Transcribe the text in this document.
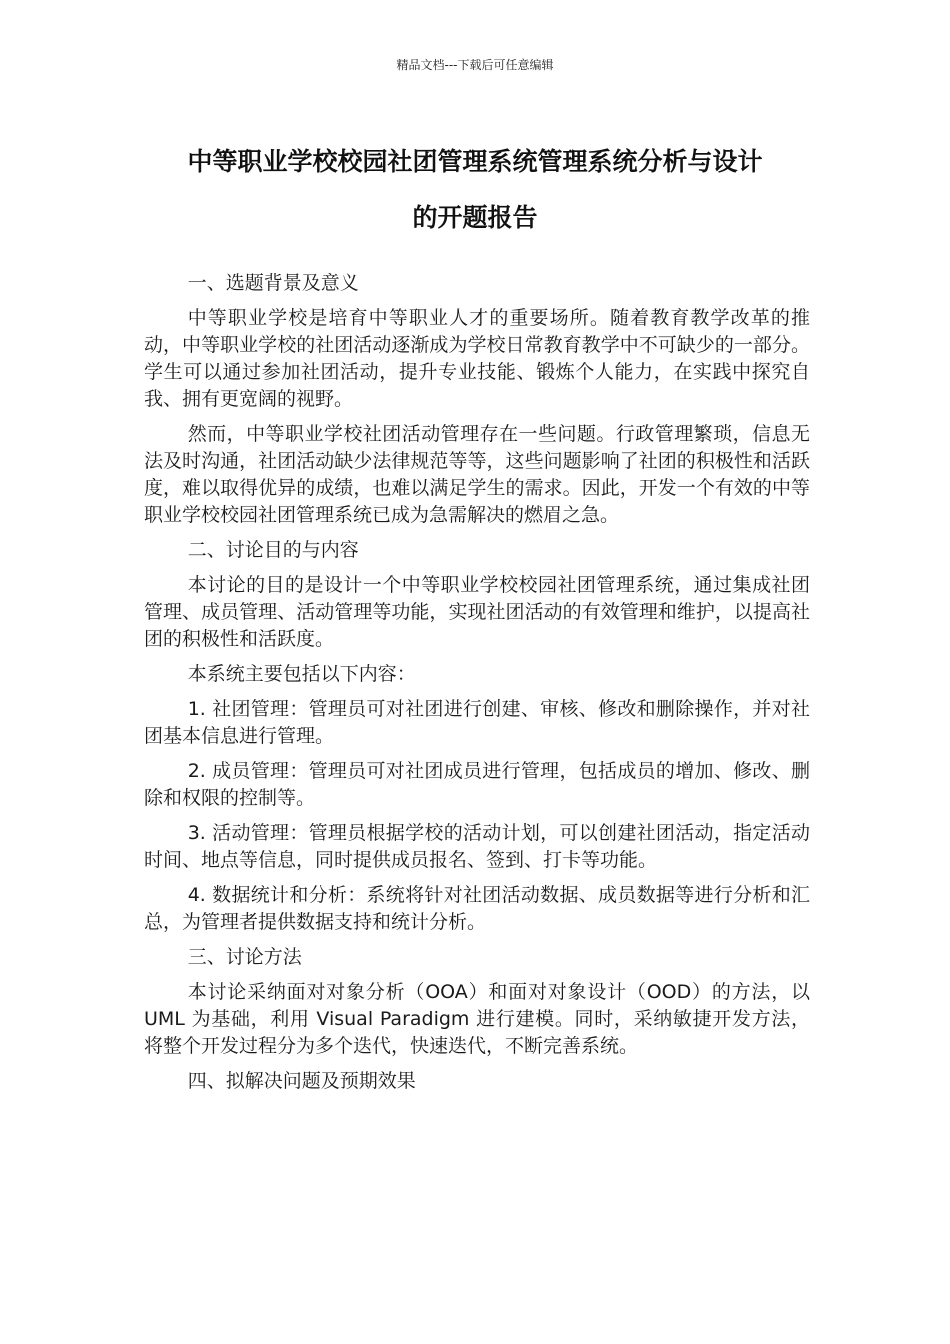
精品文档---下载后可任意编辑
中等职业学校校园社团管理系统管理系统分析与设计
的开题报告

一、选题背景及意义

中等职业学校是培育中等职业人才的重要场所。随着教育教学改革的推动，中等职业学校的社团活动逐渐成为学校日常教育教学中不可缺少的一部分。学生可以通过参加社团活动，提升专业技能、锻炼个人能力，在实践中探究自我、拥有更宽阔的视野。

然而，中等职业学校社团活动管理存在一些问题。行政管理繁琐，信息无法及时沟通，社团活动缺少法律规范等等，这些问题影响了社团的积极性和活跃度，难以取得优异的成绩，也难以满足学生的需求。因此，开发一个有效的中等职业学校校园社团管理系统已成为急需解决的燃眉之急。

二、讨论目的与内容

本讨论的目的是设计一个中等职业学校校园社团管理系统，通过集成社团管理、成员管理、活动管理等功能，实现社团活动的有效管理和维护，以提高社团的积极性和活跃度。

本系统主要包括以下内容：

1. 社团管理：管理员可对社团进行创建、审核、修改和删除操作，并对社团基本信息进行管理。

2. 成员管理：管理员可对社团成员进行管理，包括成员的增加、修改、删除和权限的控制等。

3. 活动管理：管理员根据学校的活动计划，可以创建社团活动，指定活动时间、地点等信息，同时提供成员报名、签到、打卡等功能。

4. 数据统计和分析：系统将针对社团活动数据、成员数据等进行分析和汇总，为管理者提供数据支持和统计分析。

三、讨论方法

本讨论采纳面对对象分析（OOA）和面对对象设计（OOD）的方法，以 UML 为基础，利用 Visual Paradigm 进行建模。同时，采纳敏捷开发方法，将整个开发过程分为多个迭代，快速迭代，不断完善系统。

四、拟解决问题及预期效果
